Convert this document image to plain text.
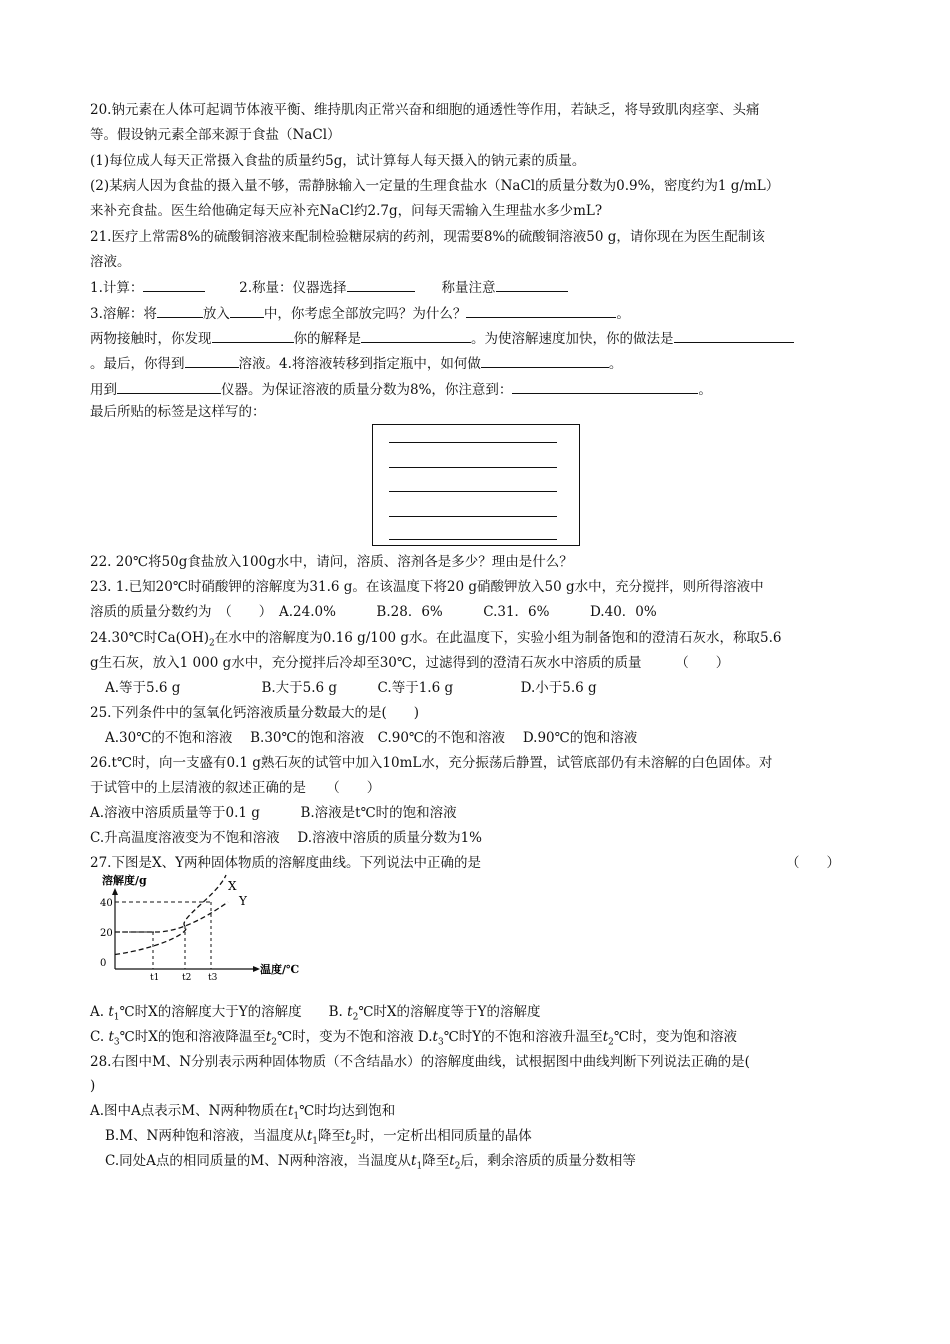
20.钠元素在人体可起调节体液平衡、维持肌肉正常兴奋和细胞的通透性等作用，若缺乏，将导致肌肉痉挛、头痛
等。假设钠元素全部来源于食盐（NaCl）
(1)每位成人每天正常摄入食盐的质量约5g，试计算每人每天摄入的钠元素的质量。
(2)某病人因为食盐的摄入量不够，需静脉输入一定量的生理食盐水（NaCl的质量分数为0.9%，密度约为1 g/mL）
来补充食盐。医生给他确定每天应补充NaCl约2.7g，问每天需输入生理盐水多少mL?
21.医疗上常需8%的硫酸铜溶液来配制检验糖尿病的药剂，现需要8%的硫酸铜溶液50 g，请你现在为医生配制该
溶液。
1.计算：   	2.称量：仪器选择  	称量注意
3.溶解：将	放入	中，你考虑全部放完吗？为什么？	。
两物接触时，你发现	你的解释是	。为使溶解速度加快，你的做法是
。最后，你得到	溶液。4.将溶液转移到指定瓶中，如何做	。
用到	仪器。为保证溶液的质量分数为8%，你注意到：	。
最后所贴的标签是这样写的：
22. 20℃将50g食盐放入100g水中，请问，溶质、溶剂各是多少？理由是什么？
23. 1.已知20℃时硝酸钾的溶解度为31.6 g。在该温度下将20 g硝酸钾放入50 g水中，充分搅拌，则所得溶液中
溶质的质量分数约为　（　　）　A.24.0%　　　B.28．6%　　　C.31．6%　　　D.40．0%
24.30℃时$Ca(OH)_2$在水中的溶解度为0.16 g/100 g水。在此温度下，实验小组为制备饱和的澄清石灰水，称取5.6
g生石灰，放入1 000 g水中，充分搅拌后冷却至30℃，过滤得到的澄清石灰水中溶质的质量　　　（　　）
A.等于5.6 g　　　　　　B.大于5.6 g　　　C.等于1.6 g　　　　　D.小于5.6 g
25.下列条件中的氢氧化钙溶液质量分数最大的是(　　)
A.30℃的不饱和溶液　 B.30℃的饱和溶液　C.90℃的不饱和溶液　 D.90℃的饱和溶液
26.t℃时，向一支盛有0.1 g熟石灰的试管中加入10mL水，充分振荡后静置，试管底部仍有未溶解的白色固体。对
于试管中的上层清液的叙述正确的是　　（　　）
A.溶液中溶质质量等于0.1 g　　　B.溶液是t℃时的饱和溶液
C.升高温度溶液变为不饱和溶液　 D.溶液中溶质的质量分数为1%
27.下图是X、Y两种固体物质的溶解度曲线。下列说法中正确的是	（　　）
溶解度/g
温度/℃
0
20
40
t1	t2 t3
X
Y
A. $t_1℃$时X的溶解度大于Y的溶解度　　B. $t_2℃$时X的溶解度等于Y的溶解度
C. $t_3℃$时X的饱和溶液降温至$t_2℃$时，变为不饱和溶液 $D.t_3℃$时Y的不饱和溶液升温至$t_2℃$时，变为饱和溶液
28.右图中M、N分别表示两种固体物质（不含结晶水）的溶解度曲线，试根据图中曲线判断下列说法正确的是(
)
A.图中A点表示M、N两种物质在$t_1℃$时均达到饱和
B.M、N两种饱和溶液，当温度从$t_1$降至$t_2$时，一定析出相同质量的晶体
C.同处A点的相同质量的M、N两种溶液，当温度从$t_1$降至$t_2$后，剩余溶质的质量分数相等
